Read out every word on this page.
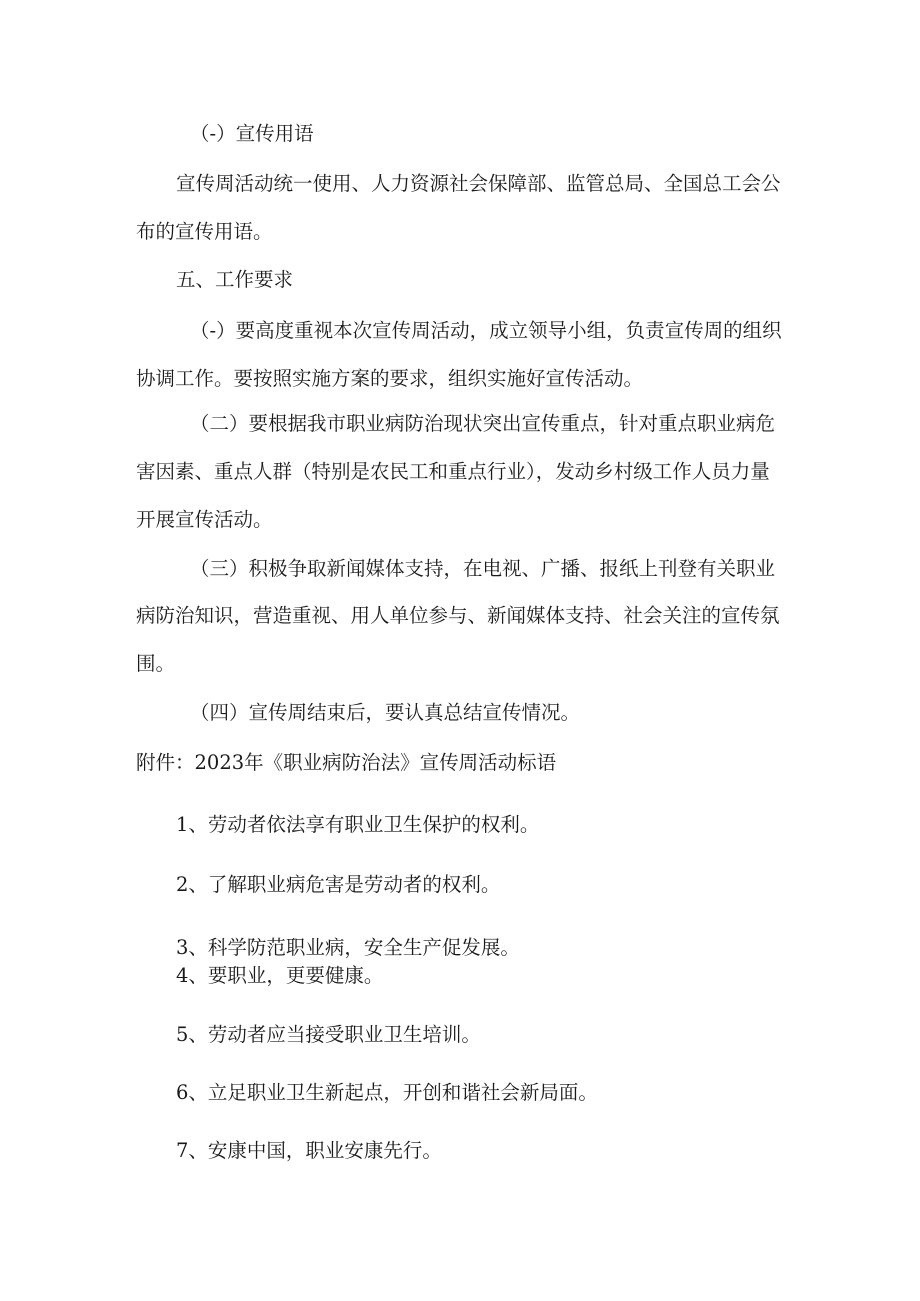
（-）宣传用语
宣传周活动统一使用、人力资源社会保障部、监管总局、全国总工会公
布的宣传用语。
五、工作要求
（-）要高度重视本次宣传周活动，成立领导小组，负责宣传周的组织
协调工作。要按照实施方案的要求，组织实施好宣传活动。
（二）要根据我市职业病防治现状突出宣传重点，针对重点职业病危
害因素、重点人群（特别是农民工和重点行业），发动乡村级工作人员力量
开展宣传活动。
（三）积极争取新闻媒体支持，在电视、广播、报纸上刊登有关职业
病防治知识，营造重视、用人单位参与、新闻媒体支持、社会关注的宣传氛
围。
（四）宣传周结束后，要认真总结宣传情况。
附件：2023年《职业病防治法》宣传周活动标语
1、劳动者依法享有职业卫生保护的权利。
2、了解职业病危害是劳动者的权利。
3、科学防范职业病，安全生产促发展。
4、要职业，更要健康。
5、劳动者应当接受职业卫生培训。
6、立足职业卫生新起点，开创和谐社会新局面。
7、安康中国，职业安康先行。
